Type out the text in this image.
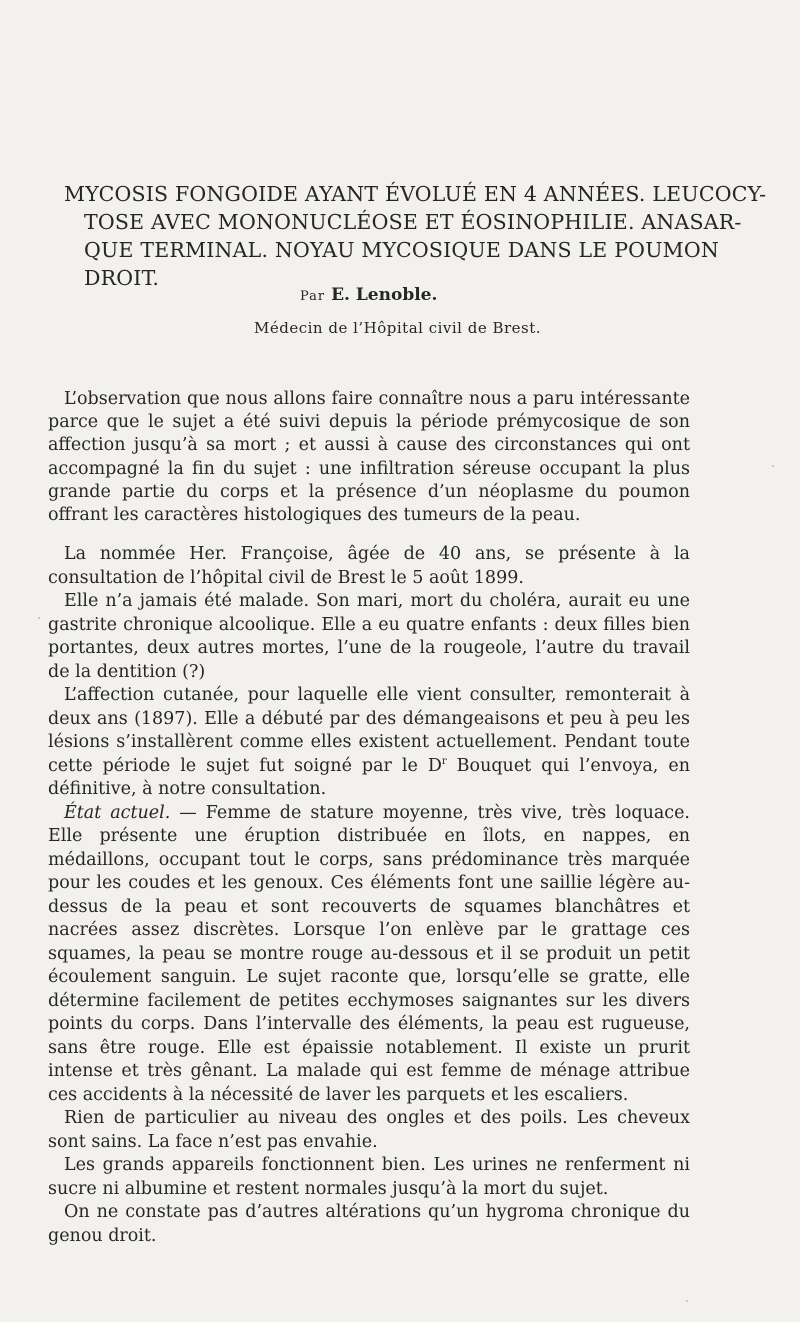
MYCOSIS FONGOIDE AYANT ÉVOLUÉ EN 4 ANNÉES. LEUCOCY-
TOSE AVEC MONONUCLÉOSE ET ÉOSINOPHILIE. ANASAR-
QUE TERMINAL. NOYAU MYCOSIQUE DANS LE POUMON
DROIT.
Par E. Lenoble.
Médecin de l’Hôpital civil de Brest.

L’observation que nous allons faire connaître nous a paru intéressante parce que le sujet a été suivi depuis la période prémycosique de son affection jusqu’à sa mort ; et aussi à cause des circonstances qui ont accompagné la fin du sujet : une infiltration séreuse occupant la plus grande partie du corps et la présence d’un néoplasme du poumon offrant les caractères histologiques des tumeurs de la peau.

La nommée Her. Françoise, âgée de 40 ans, se présente à la consultation de l’hôpital civil de Brest le 5 août 1899.

Elle n’a jamais été malade. Son mari, mort du choléra, aurait eu une gastrite chronique alcoolique. Elle a eu quatre enfants : deux filles bien portantes, deux autres mortes, l’une de la rougeole, l’autre du travail de la dentition (?)

L’affection cutanée, pour laquelle elle vient consulter, remonterait à deux ans (1897). Elle a débuté par des démangeaisons et peu à peu les lésions s’installèrent comme elles existent actuellement. Pendant toute cette période le sujet fut soigné par le $D^r$ Bouquet qui l’envoya, en définitive, à notre consultation.

État actuel. — Femme de stature moyenne, très vive, très loquace. Elle présente une éruption distribuée en îlots, en nappes, en médaillons, occupant tout le corps, sans prédominance très marquée pour les coudes et les genoux. Ces éléments font une saillie légère au-dessus de la peau et sont recouverts de squames blanchâtres et nacrées assez discrètes. Lorsque l’on enlève par le grattage ces squames, la peau se montre rouge au-dessous et il se produit un petit écoulement sanguin. Le sujet raconte que, lorsqu’elle se gratte, elle détermine facilement de petites ecchymoses saignantes sur les divers points du corps. Dans l’intervalle des éléments, la peau est rugueuse, sans être rouge. Elle est épaissie notablement. Il existe un prurit intense et très gênant. La malade qui est femme de ménage attribue ces accidents à la nécessité de laver les parquets et les escaliers.

Rien de particulier au niveau des ongles et des poils. Les cheveux sont sains. La face n’est pas envahie.

Les grands appareils fonctionnent bien. Les urines ne renferment ni sucre ni albumine et restent normales jusqu’à la mort du sujet.

On ne constate pas d’autres altérations qu’un hygroma chronique du genou droit.
